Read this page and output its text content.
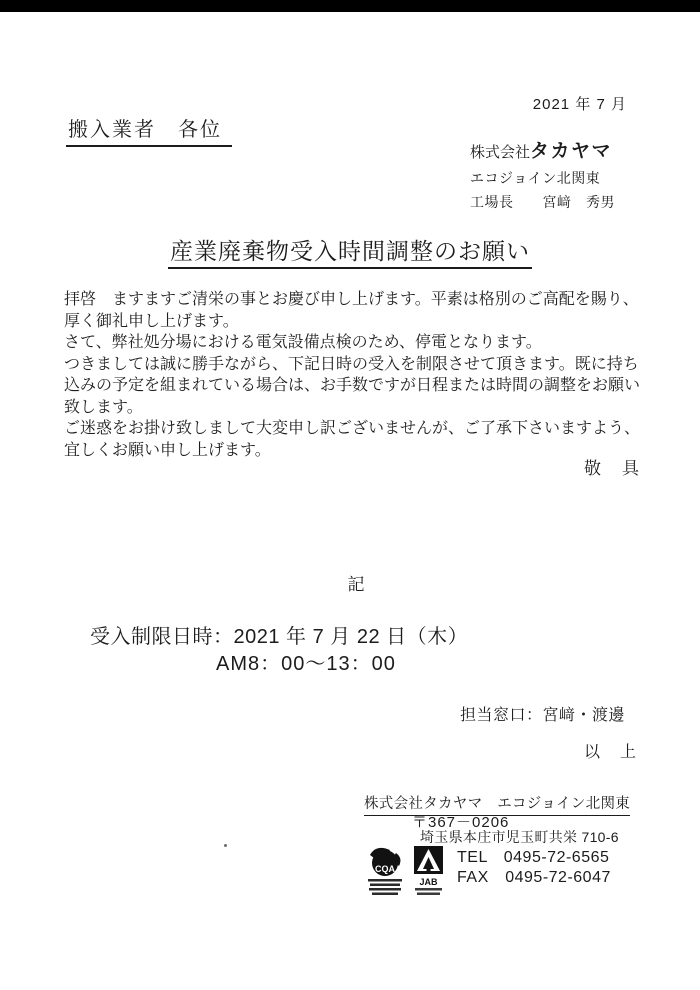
2021 年 7 月
搬入業者　各位
株式会社タカヤマ
エコジョイン北関東
工場長　　宮﨑　秀男
産業廃棄物受入時間調整のお願い
拝啓　ますますご清栄の事とお慶び申し上げます。平素は格別のご高配を賜り、
厚く御礼申し上げます。
さて、弊社処分場における電気設備点検のため、停電となります。
つきましては誠に勝手ながら、下記日時の受入を制限させて頂きます。既に持ち
込みの予定を組まれている場合は、お手数ですが日程または時間の調整をお願い
致します。
ご迷惑をお掛け致しまして大変申し訳ございませんが、ご了承下さいますよう、
宜しくお願い申し上げます。
敬　具
記
受入制限日時：2021 年 7 月 22 日（木）
AM8：00～13：00
担当窓口：宮﨑・渡邊
以　上
株式会社タカヤマ　エコジョイン北関東
〒367－0206
埼玉県本庄市児玉町共栄 710-6
TEL　0495-72-6565
FAX　0495-72-6047
CQA
JAB
